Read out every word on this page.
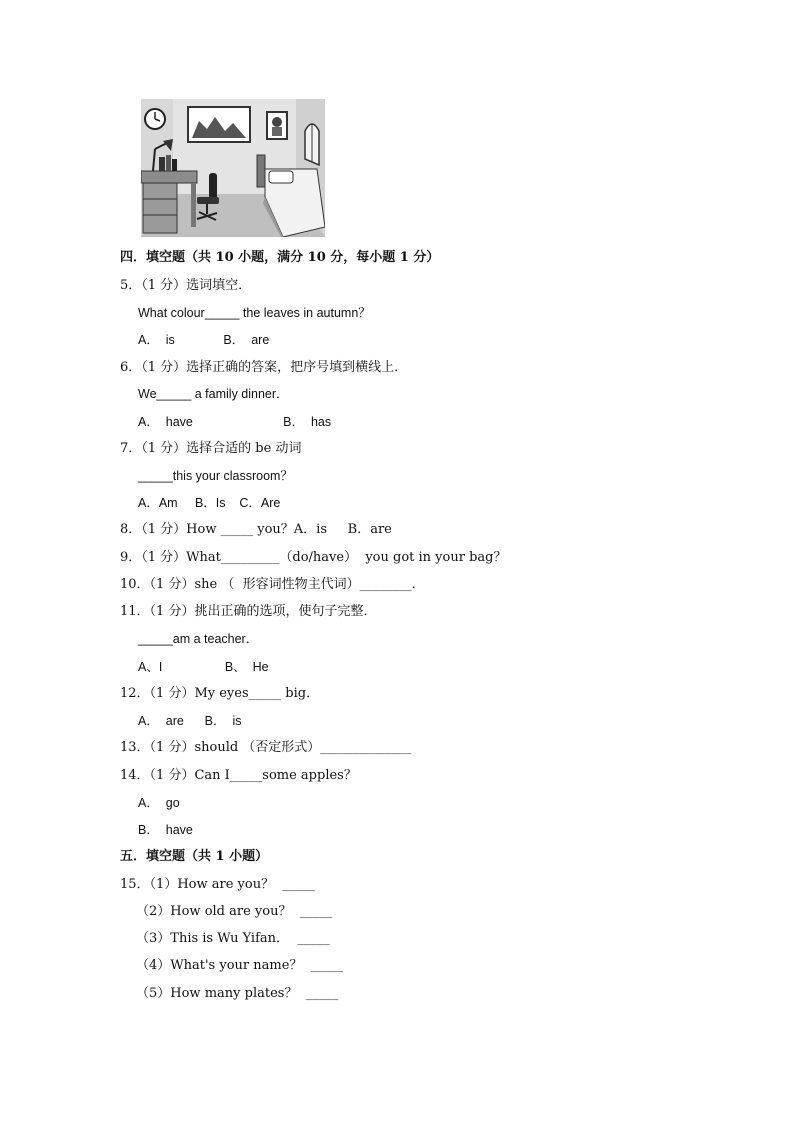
四．填空题（共 10 小题，满分 10 分，每小题 1 分）
5．（1 分）选词填空．
What colour_____ the leaves in autumn？
A．  is              B．  are
6．（1 分）选择正确的答案，把序号填到横线上．
We_____ a family dinner．
A．  have                          B．  has
7．（1 分）选择合适的 be 动词
_____this your classroom？
A．Am     B．Is    C．Are
8．（1 分）How _____ you？A．is     B．are
9．（1 分）What_________（do/have）  you got in your bag？
10．（1 分）she （  形容词性物主代词）________．
11．（1 分）挑出正确的选项，使句子完整．
_____am a teacher．
A、I                  B、  He
12．（1 分）My eyes_____ big．
A．  are      B．  is
13．（1 分）should （否定形式）______________
14．（1 分）Can I_____some apples？
A．  go
B．  have
五．填空题（共 1 小题）
15．（1）How are you？  _____
（2）How old are you？  _____
（3）This is Wu Yifan．  _____
（4）What's your name？  _____
（5）How many plates？  _____
